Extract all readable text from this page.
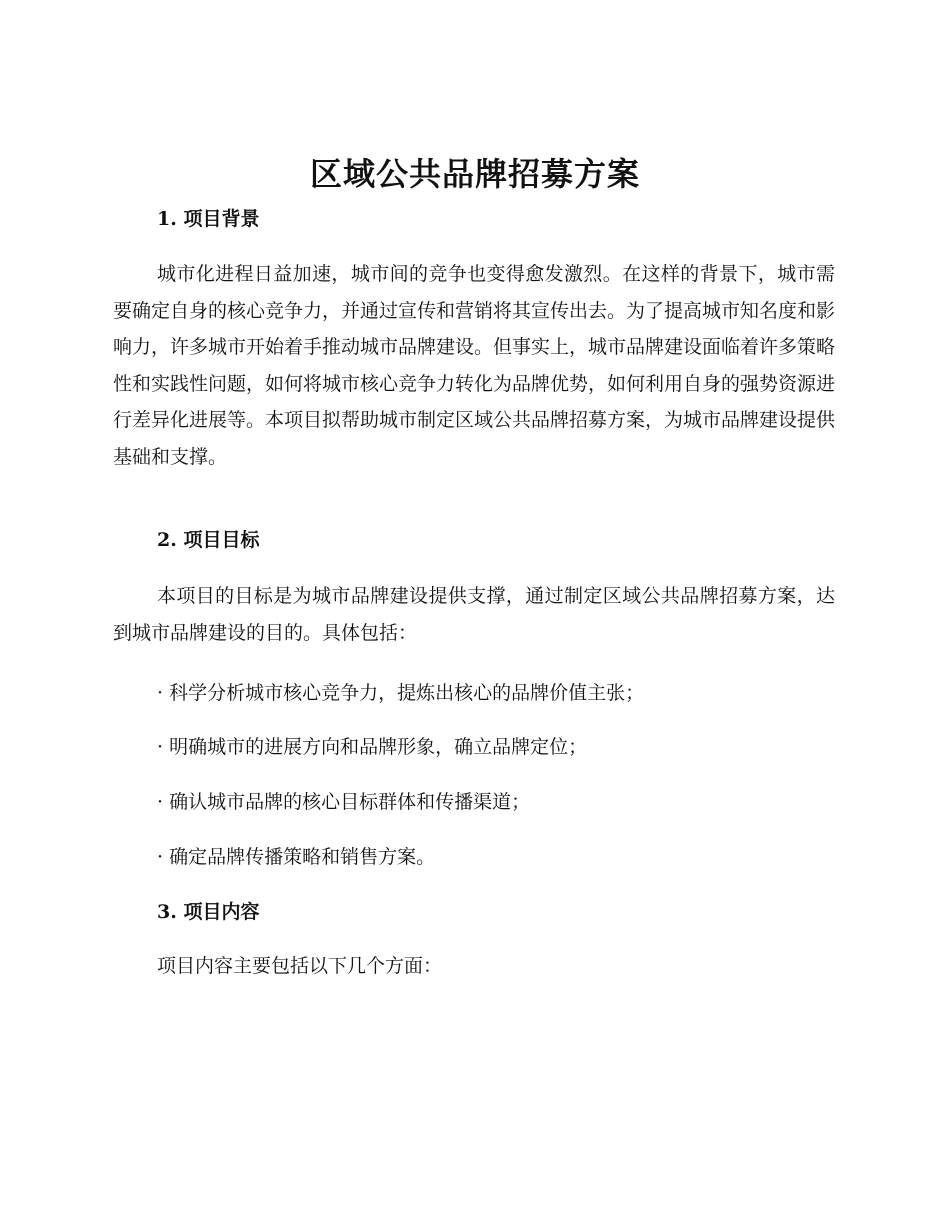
区域公共品牌招募方案
1. 项目背景

城市化进程日益加速，城市间的竞争也变得愈发激烈。在这样的背景下，城市需要确定自身的核心竞争力，并通过宣传和营销将其宣传出去。为了提高城市知名度和影响力，许多城市开始着手推动城市品牌建设。但事实上，城市品牌建设面临着许多策略性和实践性问题，如何将城市核心竞争力转化为品牌优势，如何利用自身的强势资源进行差异化进展等。本项目拟帮助城市制定区域公共品牌招募方案，为城市品牌建设提供基础和支撑。

2. 项目目标

本项目的目标是为城市品牌建设提供支撑，通过制定区域公共品牌招募方案，达到城市品牌建设的目的。具体包括：

· 科学分析城市核心竞争力，提炼出核心的品牌价值主张；

· 明确城市的进展方向和品牌形象，确立品牌定位；

· 确认城市品牌的核心目标群体和传播渠道；

· 确定品牌传播策略和销售方案。

3. 项目内容

项目内容主要包括以下几个方面：
